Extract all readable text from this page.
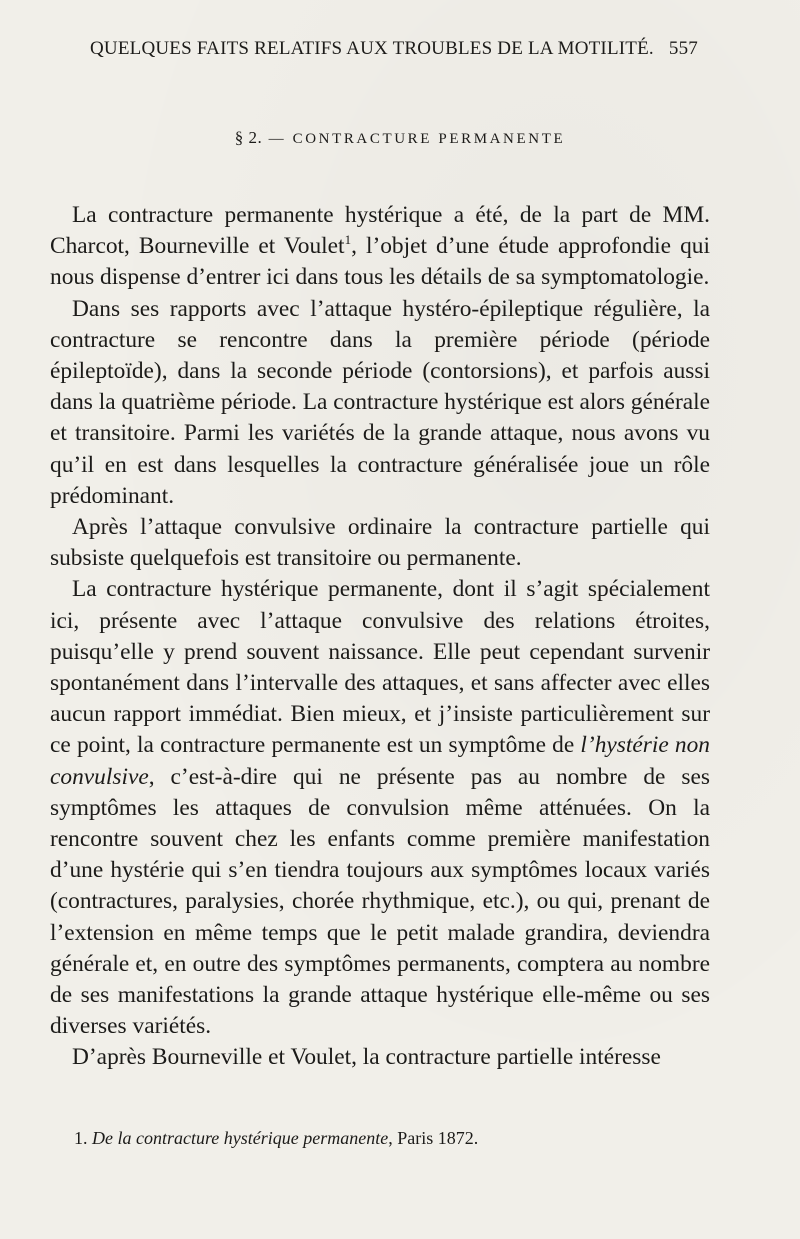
QUELQUES FAITS RELATIFS AUX TROUBLES DE LA MOTILITÉ. 557
§ 2. — CONTRACTURE PERMANENTE

La contracture permanente hystérique a été, de la part de MM. Charcot, Bourneville et Voulet$^1$, l’objet d’une étude approfondie qui nous dispense d’entrer ici dans tous les détails de sa symptomatologie.

Dans ses rapports avec l’attaque hystéro-épileptique régulière, la contracture se rencontre dans la première période (période épileptoïde), dans la seconde période (contorsions), et parfois aussi dans la quatrième période. La contracture hystérique est alors générale et transitoire. Parmi les variétés de la grande attaque, nous avons vu qu’il en est dans lesquelles la contracture généralisée joue un rôle prédominant.

Après l’attaque convulsive ordinaire la contracture partielle qui subsiste quelquefois est transitoire ou permanente.

La contracture hystérique permanente, dont il s’agit spécialement ici, présente avec l’attaque convulsive des relations étroites, puisqu’elle y prend souvent naissance. Elle peut cependant survenir spontanément dans l’intervalle des attaques, et sans affecter avec elles aucun rapport immédiat. Bien mieux, et j’insiste particulièrement sur ce point, la contracture permanente est un symptôme de l’hystérie non convulsive, c’est-à-dire qui ne présente pas au nombre de ses symptômes les attaques de convulsion même atténuées. On la rencontre souvent chez les enfants comme première manifestation d’une hystérie qui s’en tiendra toujours aux symptômes locaux variés (contractures, paralysies, chorée rhythmique, etc.), ou qui, prenant de l’extension en même temps que le petit malade grandira, deviendra générale et, en outre des symptômes permanents, comptera au nombre de ses manifestations la grande attaque hystérique elle-même ou ses diverses variétés.

D’après Bourneville et Voulet, la contracture partielle intéresse

1. De la contracture hystérique permanente, Paris 1872.
